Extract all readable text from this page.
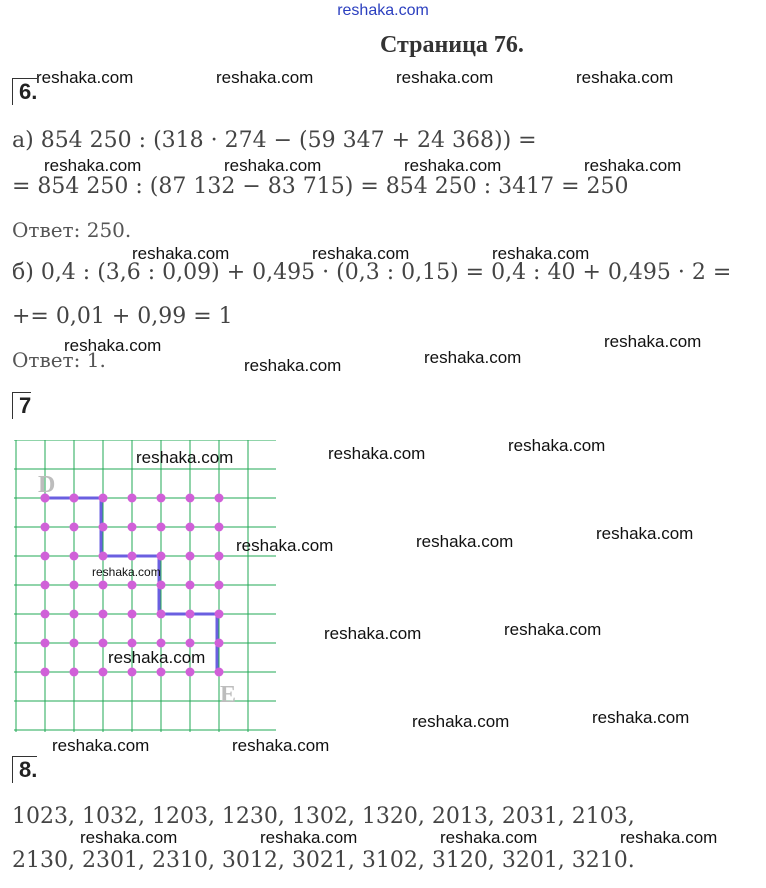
reshaka.com
Страница 76.
6.
а) 854 250 : (318 · 274 − (59 347 + 24 368)) =
= 854 250 : (87 132 − 83 715) = 854 250 : 3417 = 250
Ответ: 250.
б) 0,4 : (3,6 : 0,09) + 0,495 · (0,3 : 0,15) = 0,4 : 40 + 0,495 · 2 =
+= 0,01 + 0,99 = 1
Ответ: 1.
7
D
E
8.
1023, 1032, 1203, 1230, 1302, 1320, 2013, 2031, 2103,
2130, 2301, 2310, 3012, 3021, 3102, 3120, 3201, 3210.
reshaka.com	reshaka.com	reshaka.com	reshaka.com
reshaka.com	reshaka.com	reshaka.com	reshaka.com
reshaka.com	reshaka.com	reshaka.com
reshaka.com	reshaka.com
reshaka.com
reshaka.com
reshaka.com
reshaka.com
reshaka.com
reshaka.com
reshaka.com
reshaka.com
reshaka.com
reshaka.com
reshaka.com
reshaka.com
reshaka.com
reshaka.com
reshaka.com	reshaka.com
reshaka.com	reshaka.com	reshaka.com	reshaka.com
